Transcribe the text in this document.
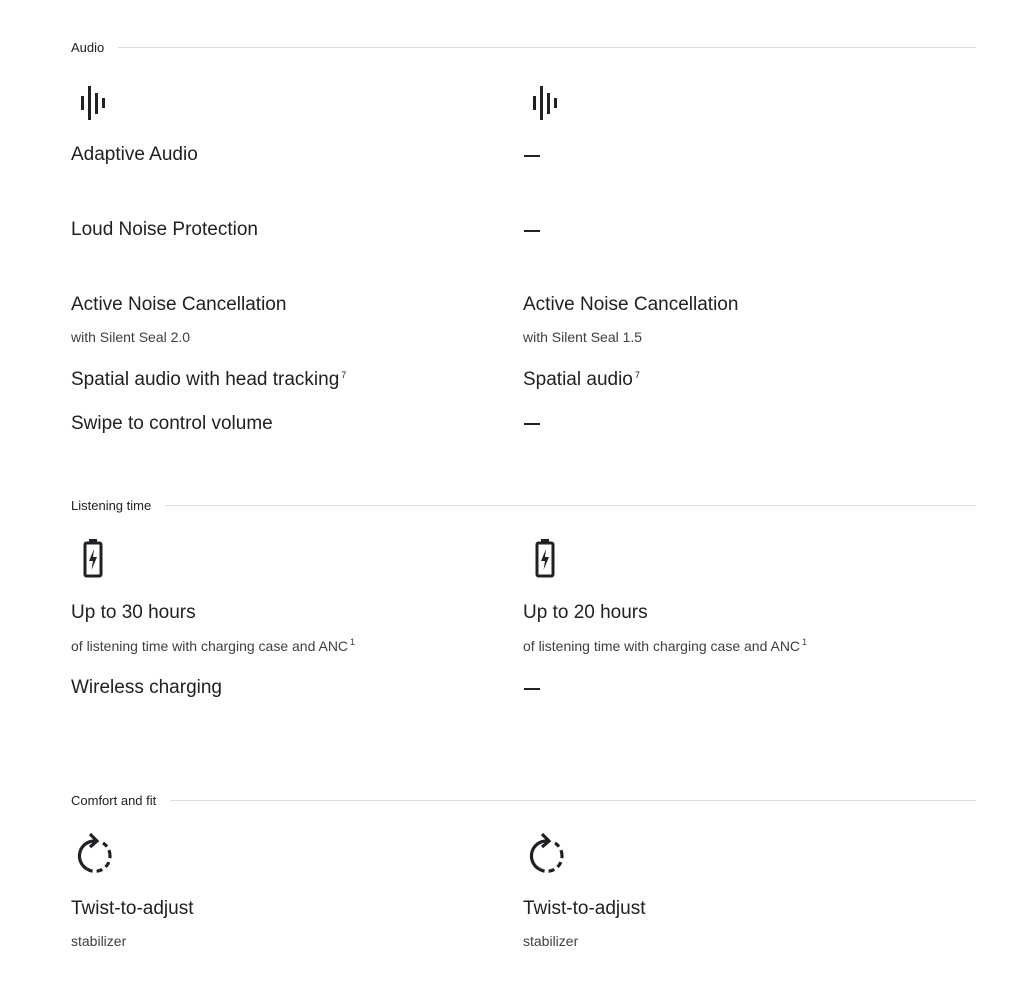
Audio
Adaptive Audio
Loud Noise Protection
Active Noise Cancellation
with Silent Seal 2.0
Spatial audio with head tracking $^7$
Swipe to control volume
Active Noise Cancellation
with Silent Seal 1.5
Spatial audio $^7$
Listening time
Up to 30 hours
of listening time with charging case and ANC $^1$
Wireless charging
Up to 20 hours
of listening time with charging case and ANC $^1$
Comfort and fit
Twist-to-adjust
stabilizer
Twist-to-adjust
stabilizer
